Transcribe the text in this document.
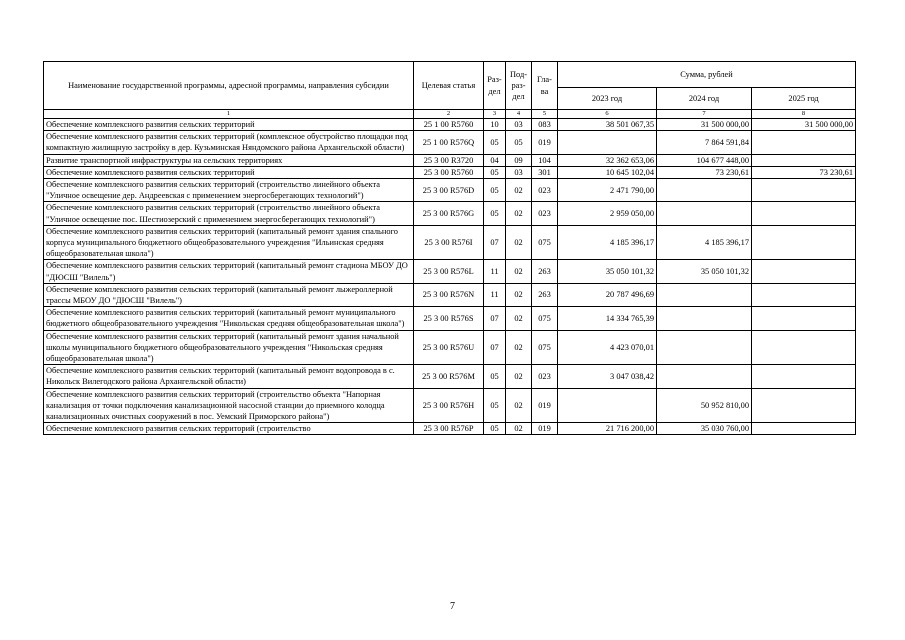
Наименование государственной программы, адресной программы, направления субсидии	Целевая статья	Раз-дел	Под-раз-дел	Гла-ва	Сумма, рублей		
					2023 год	2024 год	2025 год
1	2	3	4	5	6	7	8
Обеспечение комплексного развития сельских территорий	25 1 00 R5760	10	03	083	38 501 067,35	31 500 000,00	31 500 000,00
Обеспечение комплексного развития сельских территорий (комплексное обустройство площадки под компактную жилищную застройку в дер. Кузьминская Няндомского района Архангельской области)	25 1 00 R576Q	05	05	019		7 864 591,84	
Развитие транспортной инфраструктуры на сельских территориях	25 3 00 R3720	04	09	104	32 362 653,06	104 677 448,00	
Обеспечение комплексного развития сельских территорий	25 3 00 R5760	05	03	301	10 645 102,04	73 230,61	73 230,61
Обеспечение комплексного развития сельских территорий (строительство линейного объекта "Уличное освещение дер. Андреевская с применением энергосберегающих технологий")	25 3 00 R576D	05	02	023	2 471 790,00		
Обеспечение комплексного развития сельских территорий (строительство линейного объекта "Уличное освещение пос. Шестиозерский с применением энергосберегающих технологий")	25 3 00 R576G	05	02	023	2 959 050,00		
Обеспечение комплексного развития сельских территорий (капитальный ремонт здания спального корпуса муниципального бюджетного общеобразовательного учреждения "Ильинская средняя общеобразовательная школа")	25 3 00 R576I	07	02	075	4 185 396,17	4 185 396,17	
Обеспечение комплексного развития сельских территорий (капитальный ремонт стадиона МБОУ ДО "ДЮСШ "Вилель")	25 3 00 R576L	11	02	263	35 050 101,32	35 050 101,32	
Обеспечение комплексного развития сельских территорий (капитальный ремонт лыжероллерной трассы МБОУ ДО "ДЮСШ "Вилель")	25 3 00 R576N	11	02	263	20 787 496,69		
Обеспечение комплексного развития сельских территорий (капитальный ремонт муниципального бюджетного общеобразовательного учреждения "Никольская средняя общеобразовательная школа")	25 3 00 R576S	07	02	075	14 334 765,39		
Обеспечение комплексного развития сельских территорий (капитальный ремонт здания начальной школы муниципального бюджетного общеобразовательного учреждения "Никольская средняя общеобразовательная школа")	25 3 00 R576U	07	02	075	4 423 070,01		
Обеспечение комплексного развития сельских территорий (капитальный ремонт водопровода в с. Никольск Вилегодского района Архангельской области)	25 3 00 R576M	05	02	023	3 047 038,42		
Обеспечение комплексного развития сельских территорий (строительство объекта "Напорная канализация от точки подключения канализационной насосной станции до приемного колодца канализационных очистных сооружений в пос. Уемский Приморского района")	25 3 00 R576H	05	02	019		50 952 810,00	
Обеспечение комплексного развития сельских территорий (строительство	25 3 00 R576P	05	02	019	21 716 200,00	35 030 760,00	
7
